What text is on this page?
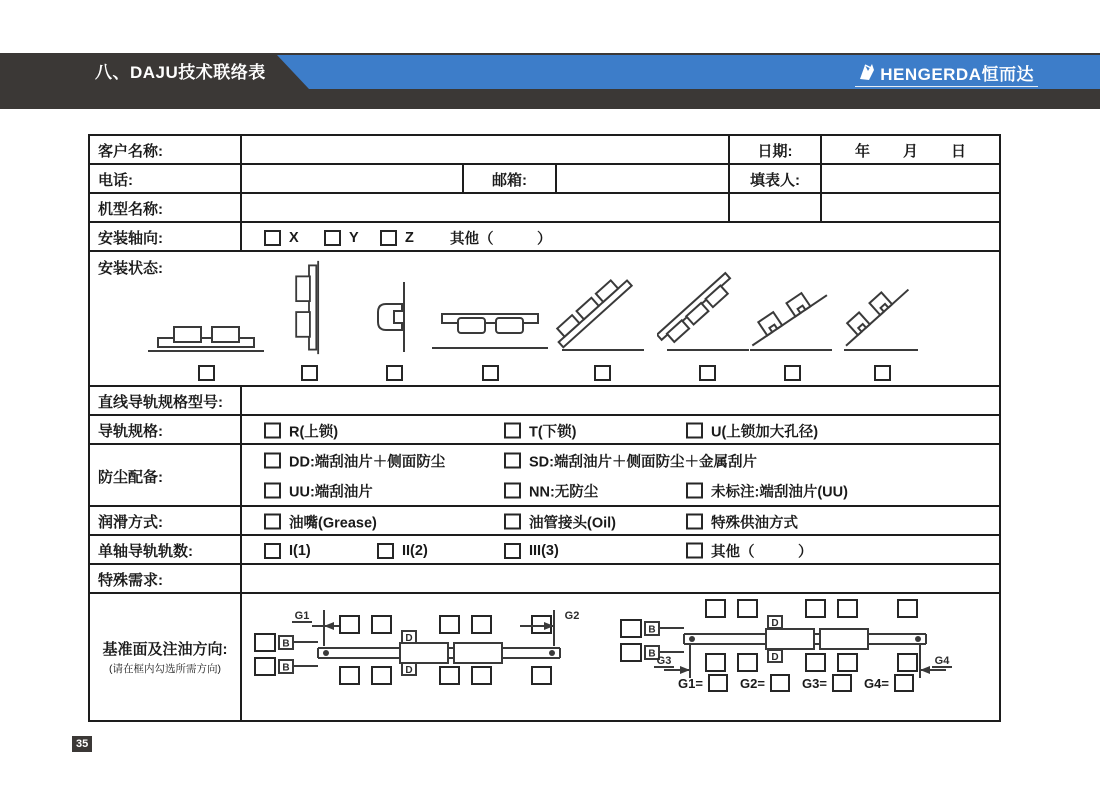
八、DAJU技术联络表	HENGERDA恒而达
客户名称:	日期:	年 月 日
电话:	邮箱:	填表人:
机型名称:
安装轴向:	X	Y	Z 其他（　　　）
安装状态:
直线导轨规格型号:
导轨规格:	R(上锁)	T(下锁)	U(上锁加大孔径)
防尘配备:
DD:端刮油片＋侧面防尘	SD:端刮油片＋侧面防尘＋金属刮片
UU:端刮油片	NN:无防尘	未标注:端刮油片(UU)
润滑方式:	油嘴(Grease)	油管接头(Oil)	特殊供油方式
单轴导轨轨数:	I(1)	II(2)	III(3)	其他（　　　）
特殊需求:
基准面及注油方向:
(请在框内勾选所需方向)
B
B
G1
D
D
G2
B
B
D
D
G3	G4
G1=	G2=	G3=	G4=
35
